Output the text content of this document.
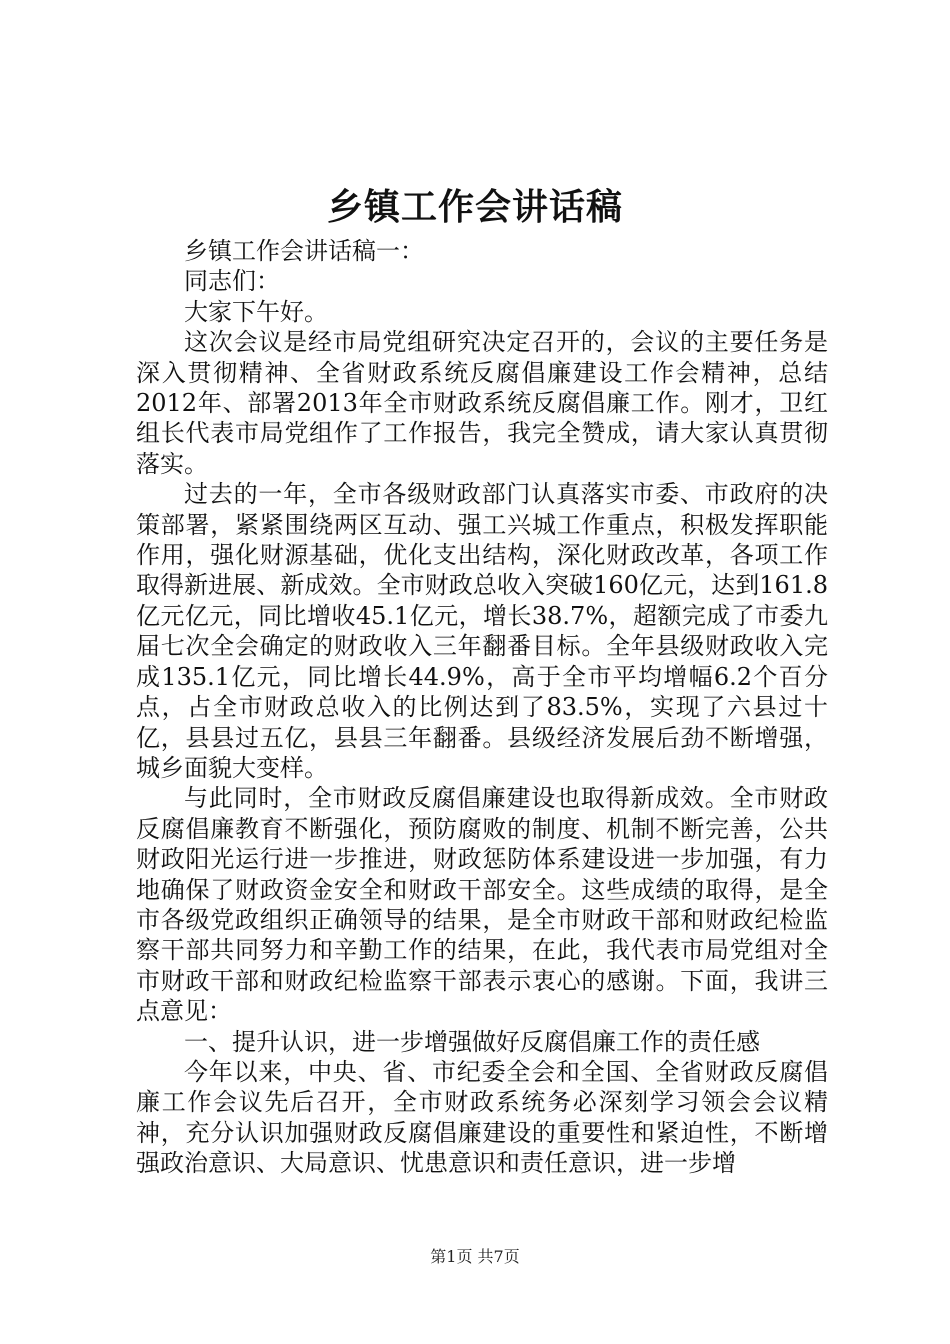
乡镇工作会讲话稿

乡镇工作会讲话稿一：

同志们：

大家下午好。

这次会议是经市局党组研究决定召开的，会议的主要任务是深入贯彻精神、全省财政系统反腐倡廉建设工作会精神，总结2012年、部署2013年全市财政系统反腐倡廉工作。刚才，卫红组长代表市局党组作了工作报告，我完全赞成，请大家认真贯彻落实。

过去的一年，全市各级财政部门认真落实市委、市政府的决策部署，紧紧围绕两区互动、强工兴城工作重点，积极发挥职能作用，强化财源基础，优化支出结构，深化财政改革，各项工作取得新进展、新成效。全市财政总收入突破160亿元，达到161.8亿元亿元，同比增收45.1亿元，增长38.7%，超额完成了市委九届七次全会确定的财政收入三年翻番目标。全年县级财政收入完成135.1亿元，同比增长44.9%，高于全市平均增幅6.2个百分点，占全市财政总收入的比例达到了83.5%，实现了六县过十亿，县县过五亿，县县三年翻番。县级经济发展后劲不断增强，城乡面貌大变样。

与此同时，全市财政反腐倡廉建设也取得新成效。全市财政反腐倡廉教育不断强化，预防腐败的制度、机制不断完善，公共财政阳光运行进一步推进，财政惩防体系建设进一步加强，有力地确保了财政资金安全和财政干部安全。这些成绩的取得，是全市各级党政组织正确领导的结果，是全市财政干部和财政纪检监察干部共同努力和辛勤工作的结果，在此，我代表市局党组对全市财政干部和财政纪检监察干部表示衷心的感谢。下面，我讲三点意见：

一、提升认识，进一步增强做好反腐倡廉工作的责任感

今年以来，中央、省、市纪委全会和全国、全省财政反腐倡廉工作会议先后召开，全市财政系统务必深刻学习领会会议精神，充分认识加强财政反腐倡廉建设的重要性和紧迫性，不断增强政治意识、大局意识、忧患意识和责任意识，进一步增

第1页 共7页
